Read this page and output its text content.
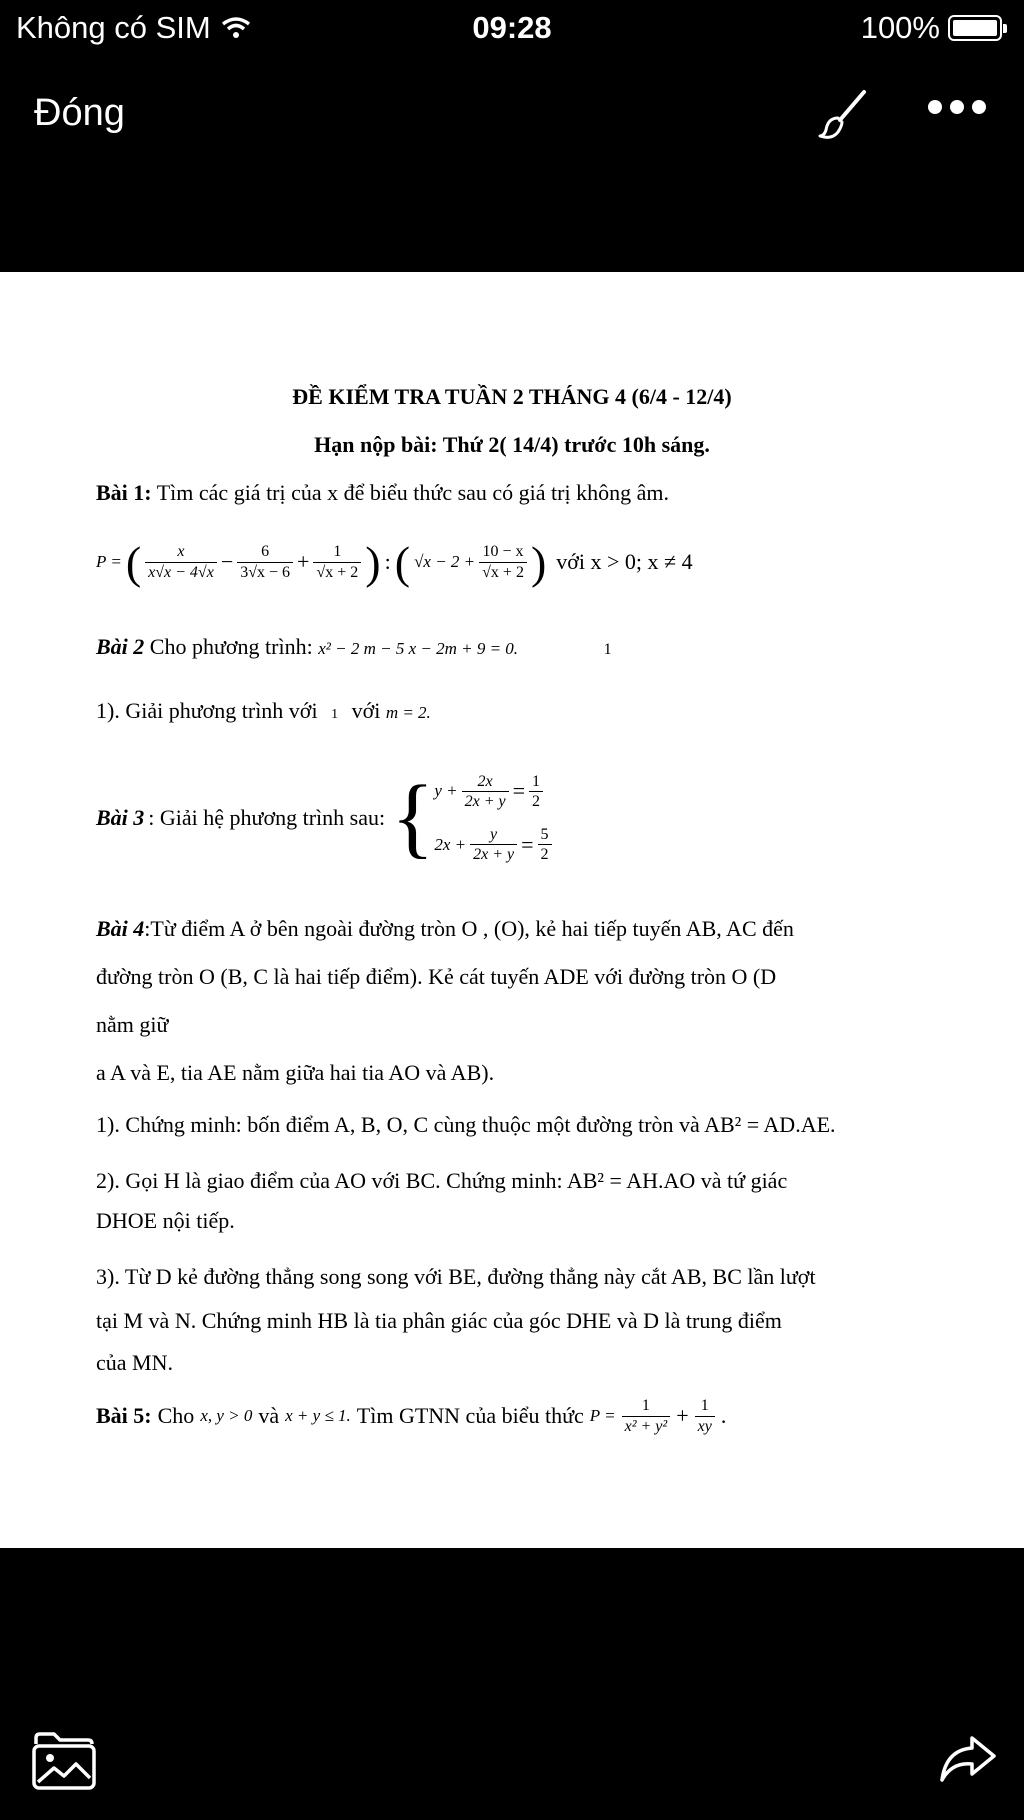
Không có SIM	09:28	100%
Đóng
ĐỀ KIỂM TRA TUẦN 2 THÁNG 4 (6/4 - 12/4)
Hạn nộp bài: Thứ 2( 14/4) trước 10h sáng.
Bài 1: Tìm các giá trị của x để biểu thức sau có giá trị không âm.
P = ( $\frac{x}{x√x - 4√x} - \frac{6}{3√x - 6} + \frac{1}{√x + 2}$ ) : ( $√x - 2 + \frac{10 - x}{√x + 2}$ ) với x > 0; x ≠ 4
Bài 2 Cho phương trình: x² − 2 m − 5 x − 2m + 9 = 0.	1
1). Giải phương trình với 1 với m = 2.
Bài 3 : Giải hệ phương trình sau: { $y + \frac{2x}{2x + y} = \frac{1}{2}$
$2x + \frac{y}{2x + y} = \frac{5}{2}$
Bài 4:Từ điểm A ở bên ngoài đường tròn O , (O), kẻ hai tiếp tuyến AB, AC đến
đường tròn O (B, C là hai tiếp điểm). Kẻ cát tuyến ADE với đường tròn O (D
nằm giữ
a A và E, tia AE nằm giữa hai tia AO và AB).
1). Chứng minh: bốn điểm A, B, O, C cùng thuộc một đường tròn và AB² = AD.AE.
2). Gọi H là giao điểm của AO với BC. Chứng minh: AB² = AH.AO và tứ giác
DHOE nội tiếp.
3). Từ D kẻ đường thẳng song song với BE, đường thẳng này cắt AB, BC lần lượt
tại M và N. Chứng minh HB là tia phân giác của góc DHE và D là trung điểm
của MN.
Bài 5: Cho x, y > 0 và x + y ≤ 1. Tìm GTNN của biểu thức $P = \frac{1}{\text{x² + y²}} + \frac{1}{xy}$ .
